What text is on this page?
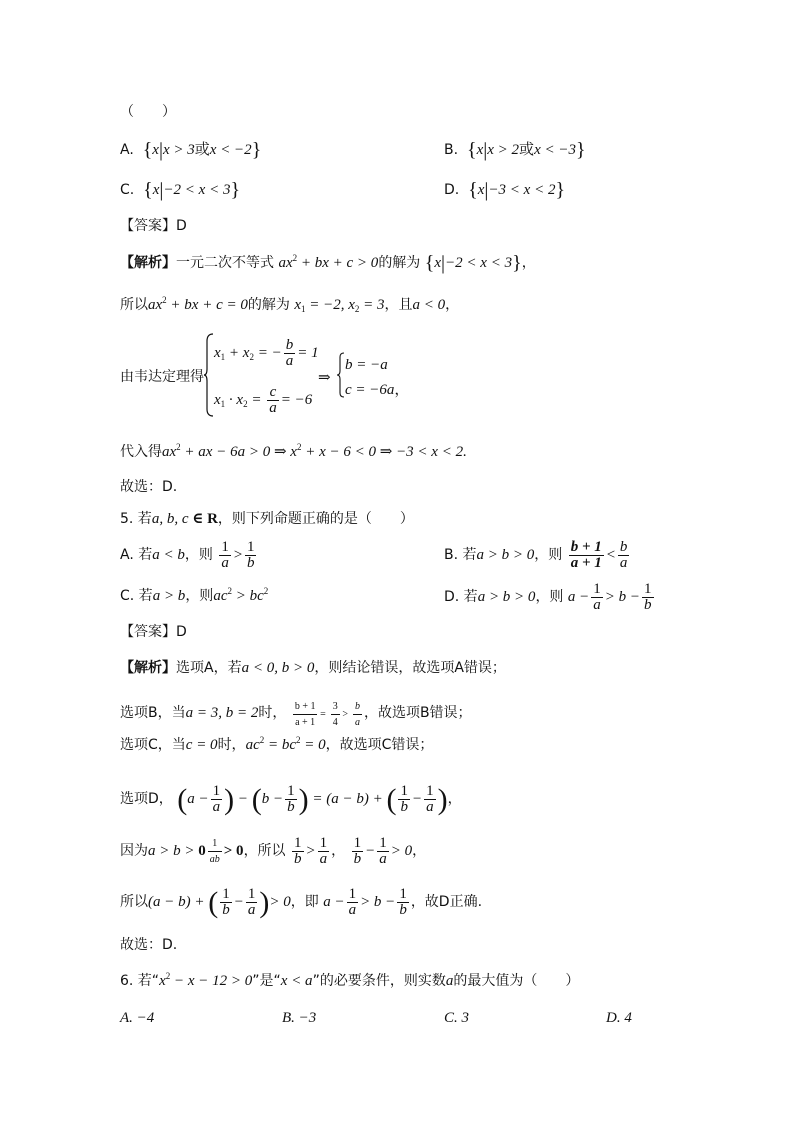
（　　）
A. {x|x > 3或x < −2}	B. {x|x > 2或x < −3}
C. {x|−2 < x < 3}	D. {x|−3 < x < 2}
【答案】D
【解析】一元二次不等式 $ax^2$ + bx + c > 0的解为 {x|−2 < x < 3}，
所以$ax^2$ + bx + c = 0的解为 $x_1 = -2$, $x_2 = 3$，且a < 0，
由韦达定理得
$x_1 + x_2$ = − $\frac{b}{a} = 1$
$x_1 \cdot x_2 = \frac{c}{a} = -6$
⇒
b = −a
c = −6a，
代入得$ax^2$ + ax − 6a > 0 ⇒ $x^2 + x - 6 < 0$ ⇒ −3 < x < 2.
故选：D.
5. 若a, b, c ∈ R，则下列命题正确的是（　　）
A. 若a < b，则 $\frac{1}{a} > \frac{1}{b}$	B. 若a > b > 0，则 $\frac{b + 1}{a + 1} < \frac{b}{a}$
C. 若a > b，则$ac^2 > bc^2$	D. 若a > b > 0，则 $a - \frac{1}{a} > b - \frac{1}{b}$
【答案】D
【解析】选项A，若a < 0, b > 0，则结论错误，故选项A错误；
选项B，当a = 3, b = 2时， $\frac{b + 1}{a + 1} = \frac{3}{4} > \frac{b}{a}$ ，故选项B错误；
选项C，当c = 0时，$ac^2 = bc^2 = 0$，故选项C错误；
选项D， ($a - \frac{1}{a}$ ) − ($b - \frac{1}{b}$ ) = (a − b) + ( $\frac{1}{b} - \frac{1}{a}$ )，
因为$a > b > 0 \frac{1}{ab} > 0$，所以 $\frac{1}{b} > \frac{1}{a}$ ， $\frac{1}{b} - \frac{1}{a} > 0$，
所以(a − b) + ( $\frac{1}{b} - \frac{1}{a}$ )> 0，即 $a - \frac{1}{a} > b - \frac{1}{b}$ ，故D正确.
故选：D.
6. 若“$x^2 - x - 12 > 0$”是“x < a”的必要条件，则实数a的最大值为（　　）
A. −4	B. −3	C. 3	D. 4
